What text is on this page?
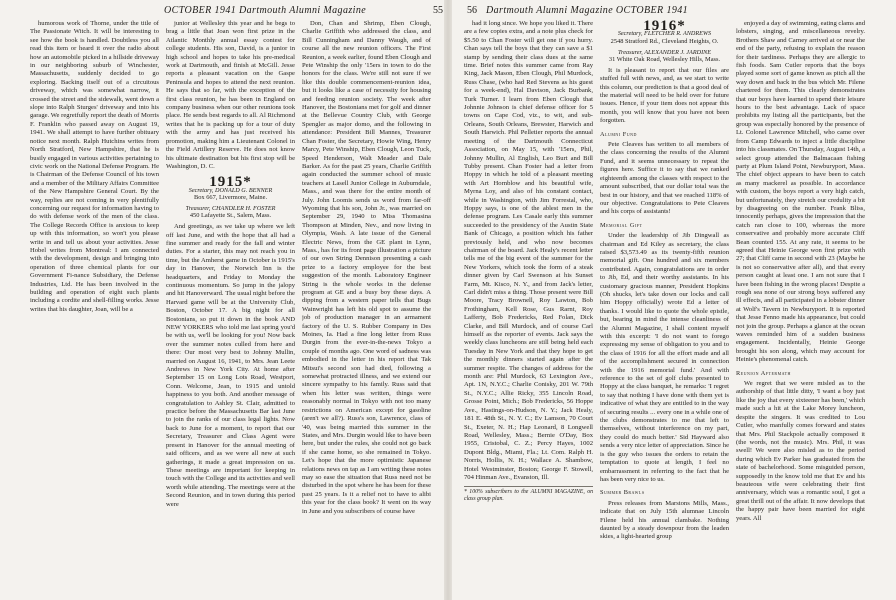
OCTOBER 1941 Dartmouth Alumni Magazine	55

humorous work of Thorne, under the title of The Passionate Witch. It will be interesting to see how the book is handled. Doubtless you all read this item or heard it over the radio about how an automobile picked in a hillside driveway in our neighboring suburb of Winchester, Massachusetts, suddenly decided to go exploring. Backing itself out of a circuitous driveway, which was somewhat narrow, it crossed the street and the sidewalk, went down a slope into Ralph Sturges' driveway and into his garage. We regretfully report the death of Morris F. Franklin who passed away on August 19, 1941. We shall attempt to have further obituary notice next month. Ralph Hutchins writes from North Stratford, New Hampshire, that he is busily engaged in various activities pertaining to civic work on the National Defense Program. He is Chairman of the Defense Council of his town and a member of the Military Affairs Committee of the New Hampshire General Court. By the way, replies are not coming in very plentifully concerning our request for information having to do with defense work of the men of the class. The College Records Office is anxious to keep up with this information, so won't you please write in and tell us about your activities. Jesse Hobel writes from Montreal: I am connected with the development, design and bringing into operation of three chemical plants for our Government Fi-nance Subsidiary, the Defense Industries, Ltd. He has been involved in the building and operation of eight such plants including a cordite and shell-filling works. Jesse writes that his daughter, Joan, will be a

junior at Wellesley this year and he begs to brag a little that Joan won first prize in the Atlantic Monthly annual essay contest for college students. His son, David, is a junior in high school and hopes to take his pre-medical work at Dartmouth, and finish at McGill. Jesse reports a pleasant vacation on the Gaspe Peninsula and hopes to attend the next reunion. He says that so far, with the exception of the first class reunion, he has been in England on company business when our other reunions took place. He sends best regards to all. Al Richmond writes that he is packing up for a tour of duty with the army and has just received his promotion, making him a Lieutenant Colonel in the Field Artillery Reserve. He does not know his ultimate destination but his first stop will be Washington, D. C.

1915*
Secretary, DONALD G. BENNER
Box 667, Livermore, Maine.
Treasurer, CHANDLER H. FOSTER
450 Lafayette St., Salem, Mass.

And greetings, as we take up where we left off last June, and with the hope that all had a fine summer and ready for the fall and winter duties. For a starter, this may not reach you in time, but the Amherst game in October is 1915's day in Hanover, the Norwich Inn is the headquarters, and Friday to Monday the continuous momentum. So jump in the jalopy and hit Hanoverward. The usual night before the Harvard game will be at the University Club, Boston, October 17. A big night for all Bostonians, so put it down in the book AND NEW YORKERS who told me last spring you'd be with us, we'll be looking for you! Now back over the summer notes culled from here and there: Our most very best to Johnny Mullin, married on August 16, 1941, to Mrs. Jean Leete Andrews in New York City. At home after September 15 on Long Lots Road, Westport, Conn. Welcome, Jean, to 1915 and untold happiness to you both. And another message of congratulation to Ashley St. Clair, admitted to practice before the Massachusetts Bar last June to join the ranks of our class legal lights. Now back to June for a moment, to report that our Secretary, Treasurer and Class Agent were present in Hanover for the annual meeting of said officers, and as we were all new at such gatherings, it made a great impression on us. These meetings are important for keeping in touch with the College and its activities and well worth while attending. The meetings were at the Second Reunion, and in town during this period were

Don, Chan and Shrimp, Eben Clough, Charlie Griffith who addressed the class, and Bill Cunningham and Danny Waugh, and of course all the new reunion officers. The First Reunion, a week earlier, found Eben Clough and Pete Winship the only '15ers in town to do the honors for the class. We're still not sure if we like this double commencement-reunion idea, but it looks like a case of necessity for housing and feeding reunion society. The week after Hanover, the Bostonians met for golf and dinner at the Bellevue Country Club, with George Spengler as major domo, and the following in attendance: President Bill Mannes, Treasurer Chan Foster, the Secretary, Howie Wing, Henry Marcy, Pete Winship, Eben Clough, Leon Tuck, Speed Henderson, Walt Meader and Dale Barker. As for the past 25 years, Charlie Griffith again conducted the summer school of music teachers at Lasell Junior College in Auburndale, Mass., and was there for the entire month of July. John Loomis sends us word from far-off Wyoming that his son, John Jr., was married on September 29, 1940 to Miss Thomasina Thompson at Minden, Nev., and now living in Olympia, Wash. A late issue of the General Electric News, from the GE plant in Lynn, Mass., has for its front page illustration a picture of our own String Dennison presenting a cash prize to a factory employee for the best suggestion of the month. Laboratory Engineer String is the whole works in the defense program at GE and a busy boy these days. A dipping from a western paper tells that Bugs Wainwright has left his old spot to assume the job of production manager in an armament factory of the U. S. Rubber Company in Des Moines, Ia. Had a fine long letter from Russ Durgin from the ever-in-the-news Tokyo a couple of months ago. One word of sadness was embodied in the letter in his report that Tak Mitsui's second son had died, following a somewhat protracted illness, and we extend our sincere sympathy to his family. Russ said that when his letter was written, things were reasonably normal in Tokyo with not too many restrictions on American except for gasoline (aren't we all?). Russ's son, Lawrence, class of '40, was being married this summer in the States, and Mrs. Durgin would like to have been here, but under the rules, she could not go back if she came home, so she remained in Tokyo. Let's hope that the more optimistic Japanese relations news on tap as I am writing these notes may so ease the situation that Russ need not be disturbed in the spot where he has been for these past 25 years. Is it a relief not to have to alibi this year for the class book? It went on its way in June and you subscribers of course have

56 Dartmouth Alumni Magazine OCTOBER 1941

had it long since. We hope you liked it. There are a few copies extra, and a note plus check for $5.50 to Chan Foster will get one if you hurry. Chan says tell the boys that they can save a $1 stamp by sending their class dues at the same time. Brief notes this summer came from Ray King, Jack Mason, Eben Clough, Phil Murdock, Russ Chase, (who had Red Stevens as his guest for a week-end), Hal Davison, Jack Burbank, Turk Turner. I learn from Eben Clough that Johnnie Johnson is chief defense officer for 5 towns on Cape Cod, viz., to wit, and sub-Orleans, South Orleans, Brewster, Harwich and South Harwich. Phil Pelletier reports the annual meeting of the Dartmouth Connecticut Association, on May 15, with '15ers, Phil, Johnny Mullin, Al English, Leo Burt and Bill Tubby present. Chan Foster had a letter from Hoppy in which he told of a pleasant meeting with Art Hornblow and his beautiful wife, Myrna Loy, and also of his constant contact, while in Washington, with Jim Forrestal, who, Hoppy says, is one of the ablest men in the defense program. Les Casale early this summer succeeded to the presidency of the Austin State Bank of Chicago, a position which his father previously held, and who now becomes chairman of the board. Jack Healy's recent letter tells me of the big event of the summer for the New Yorkers, which took the form of a steak dinner given by Carl Swenson at his Sunset Farm, Mt. Kisco, N. Y., and from Jack's letter, Carl didn't miss a thing. Those present were Bill Moore, Tracy Brownell, Roy Lawton, Bob Frothingham, Kell Rose, Gus Rarnt, Roy Lafferty, Bob Fredericks, Red Folan, Dick Clarke, and Bill Murdock, and of course Carl himself as the reporter of events. Jack says the weekly class luncheons are still being held each Tuesday in New York and that they hope to get the monthly dinners started again after the summer respite. The changes of address for the month are: Phil Murdock, 63 Lexington Ave., Apt. 1N, N.Y.C.; Charlie Conisky, 201 W. 79th St., N.Y.C.; Allie Ricky, 355 Lincoln Road, Grosse Point, Mich.; Bob Fredericks, 56 Hoppe Ave., Hastings-on-Hudson, N. Y.; Jack Healy, 181 E. 48th St., N. Y. C.; Ev Lamson, 70 Court St., Exeter, N. H.; Hap Leonard, 8 Longwell Road, Wellesley, Mass.; Bernie O'Day, Box 1955, Cristobal, C. Z.; Percy Hayes, 1002 Dupont Bldg., Miami, Fla.; Lt. Com. Ralph H. Norris, Hollis, N. H.; Wallace A. Shambow, Hotel Westminster, Boston; George F. Stowell, 704 Hinman Ave., Evanston, Ill.

* 100% subscribers to the ALUMNI MAGAZINE, on class group plan.
1916*
Secretary, FLETCHER R. ANDREWS
2548 Stratford Rd., Cleveland Heights, O.
Treasurer, ALEXANDER J. JARDINE
31 White Oak Road, Wellesley Hills, Mass.

It is pleasant to report that our files are stuffed full with news, and, as we start to write this column, our prediction is that a good deal of the material will need to be held over for future issues. Hence, if your item does not appear this month, you will know that you have not been forgotten.

Alumni Fund

Pete Cleaves has written to all members of the class concerning the results of the Alumni Fund, and it seems unnecessary to repeat the figures here. Suffice it to say that we ranked eighteenth among the classes with respect to the amount subscribed, that our dollar total was the best in our history, and that we reached 118% of our objective. Congratulations to Pete Cleaves and his corps of assistants!

Memorial Gift

Under the leadership of Jib Dingwall as chairman and Ed Kiley as secretary, the class raised $3,573.49 as its twenty-fifth reunion memorial gift. One hundred and six members contributed. Again, congratulations are in order to Jib, Ed, and their worthy assistants. In his customary gracious manner, President Hopkins (Oh shucks, let's take down our locks and call him Hoppy officially) wrote Ed a letter of thanks. I would like to quote the whole epistle, but, bearing in mind the intense cleanliness of the Alumni Magazine, I shall content myself with this excerpt: 'I do not want to forego expressing my sense of obligation to you and to the class of 1916 for all the effort made and all of the accomplishment secured in connection with the 1916 memorial fund.' And with reference to the set of golf clubs presented to Hoppy at the class banquet, he remarks: 'I regret to say that nothing I have done with them yet is indicative of what they are entitled to in the way of securing results ... every one in a while one of the clubs demonstrates to me that left to themselves, without interference on my part, they could do much better.' Sid Hayward also sends a very nice letter of appreciation. Since he is the guy who issues the orders to retain the temptation to quote at length, I feel no embarrassment in referring to the fact that he has been very nice to us.

Summer Brawls

Press releases from Marstons Mills, Mass., indicate that on July 15th alumnae Lincoln Filene held his annual clambake. Nothing daunted by a steady downpour from the leaden skies, a light-hearted group

enjoyed a day of swimming, eating clams and lobsters, singing, and miscellaneous revelry. Brothers Shaw and Carney arrived at or near the end of the party, refusing to explain the reason for their tardiness. Perhaps they are allergic to fish foods. Sam Cutler reports that the boys played some sort of game known as pitch all the way down and back in the bus which Mr. Filene chartered for them. This clearly demonstrates that our boys have learned to spend their leisure hours to the best advantage. Lack of space prohibits my listing all the participants, but the group was especially honored by the presence of Lt. Colonel Lawrence Mitchell, who came over from Camp Edwards to inject a little discipline into his classmates. On Thursday, August 14th, a select group attended the Balmacaan fishing party at Plum Island Point, Newburyport, Mass. The chief object appears to have been to catch as many mackerel as possible. In accordance with custom, the boys report a very high catch, but unfortunately, they stretch our credulity a bit by disagreeing on the number. Frank Bliss, innocently perhaps, gives the impression that the catch ran close to 100, whereas the more conservative and probably more accurate Cliff Bean counted 155. At any rate, it seems to be agreed that Heinie George won first prize with 27; that Cliff came in second with 23 (Maybe he is not so conservative after all), and that every person caught at least one. I am not sure that I have been fishing in the wrong places! Despite a rough sea none of our strong boys suffered any ill effects, and all participated in a lobster dinner at Wolf's Tavern in Newburyport. It is reported that Jesse Fenno made his appearance, but could not join the group. Perhaps a glance at the ocean waves reminded him of a sudden business engagement. Incidentally, Heinie George brought his son along, which may account for Heinie's phenomenal catch.

Reunion Aftermath

We regret that we were misled as to the authorship of that little ditty, 'I want a boy just like the joy that every sixteener has been,' which made such a hit at the Lake Morey luncheon, despite the singers. It was credited to Lou Cutler, who manfully comes forward and states that Mrs. Phil Stackpole actually composed it (the words, not the music). Mrs. Phil, it was swell! We were also misled as to the period during which Ev Parker has graduated from the state of bachelorhood. Some misguided person, supposedly in the know told me that Ev and his beauteous wife were celebrating their first anniversary, which was a romantic soul, I got a great thrill out of the affair. It now develops that the happy pair have been married for eight years. All
